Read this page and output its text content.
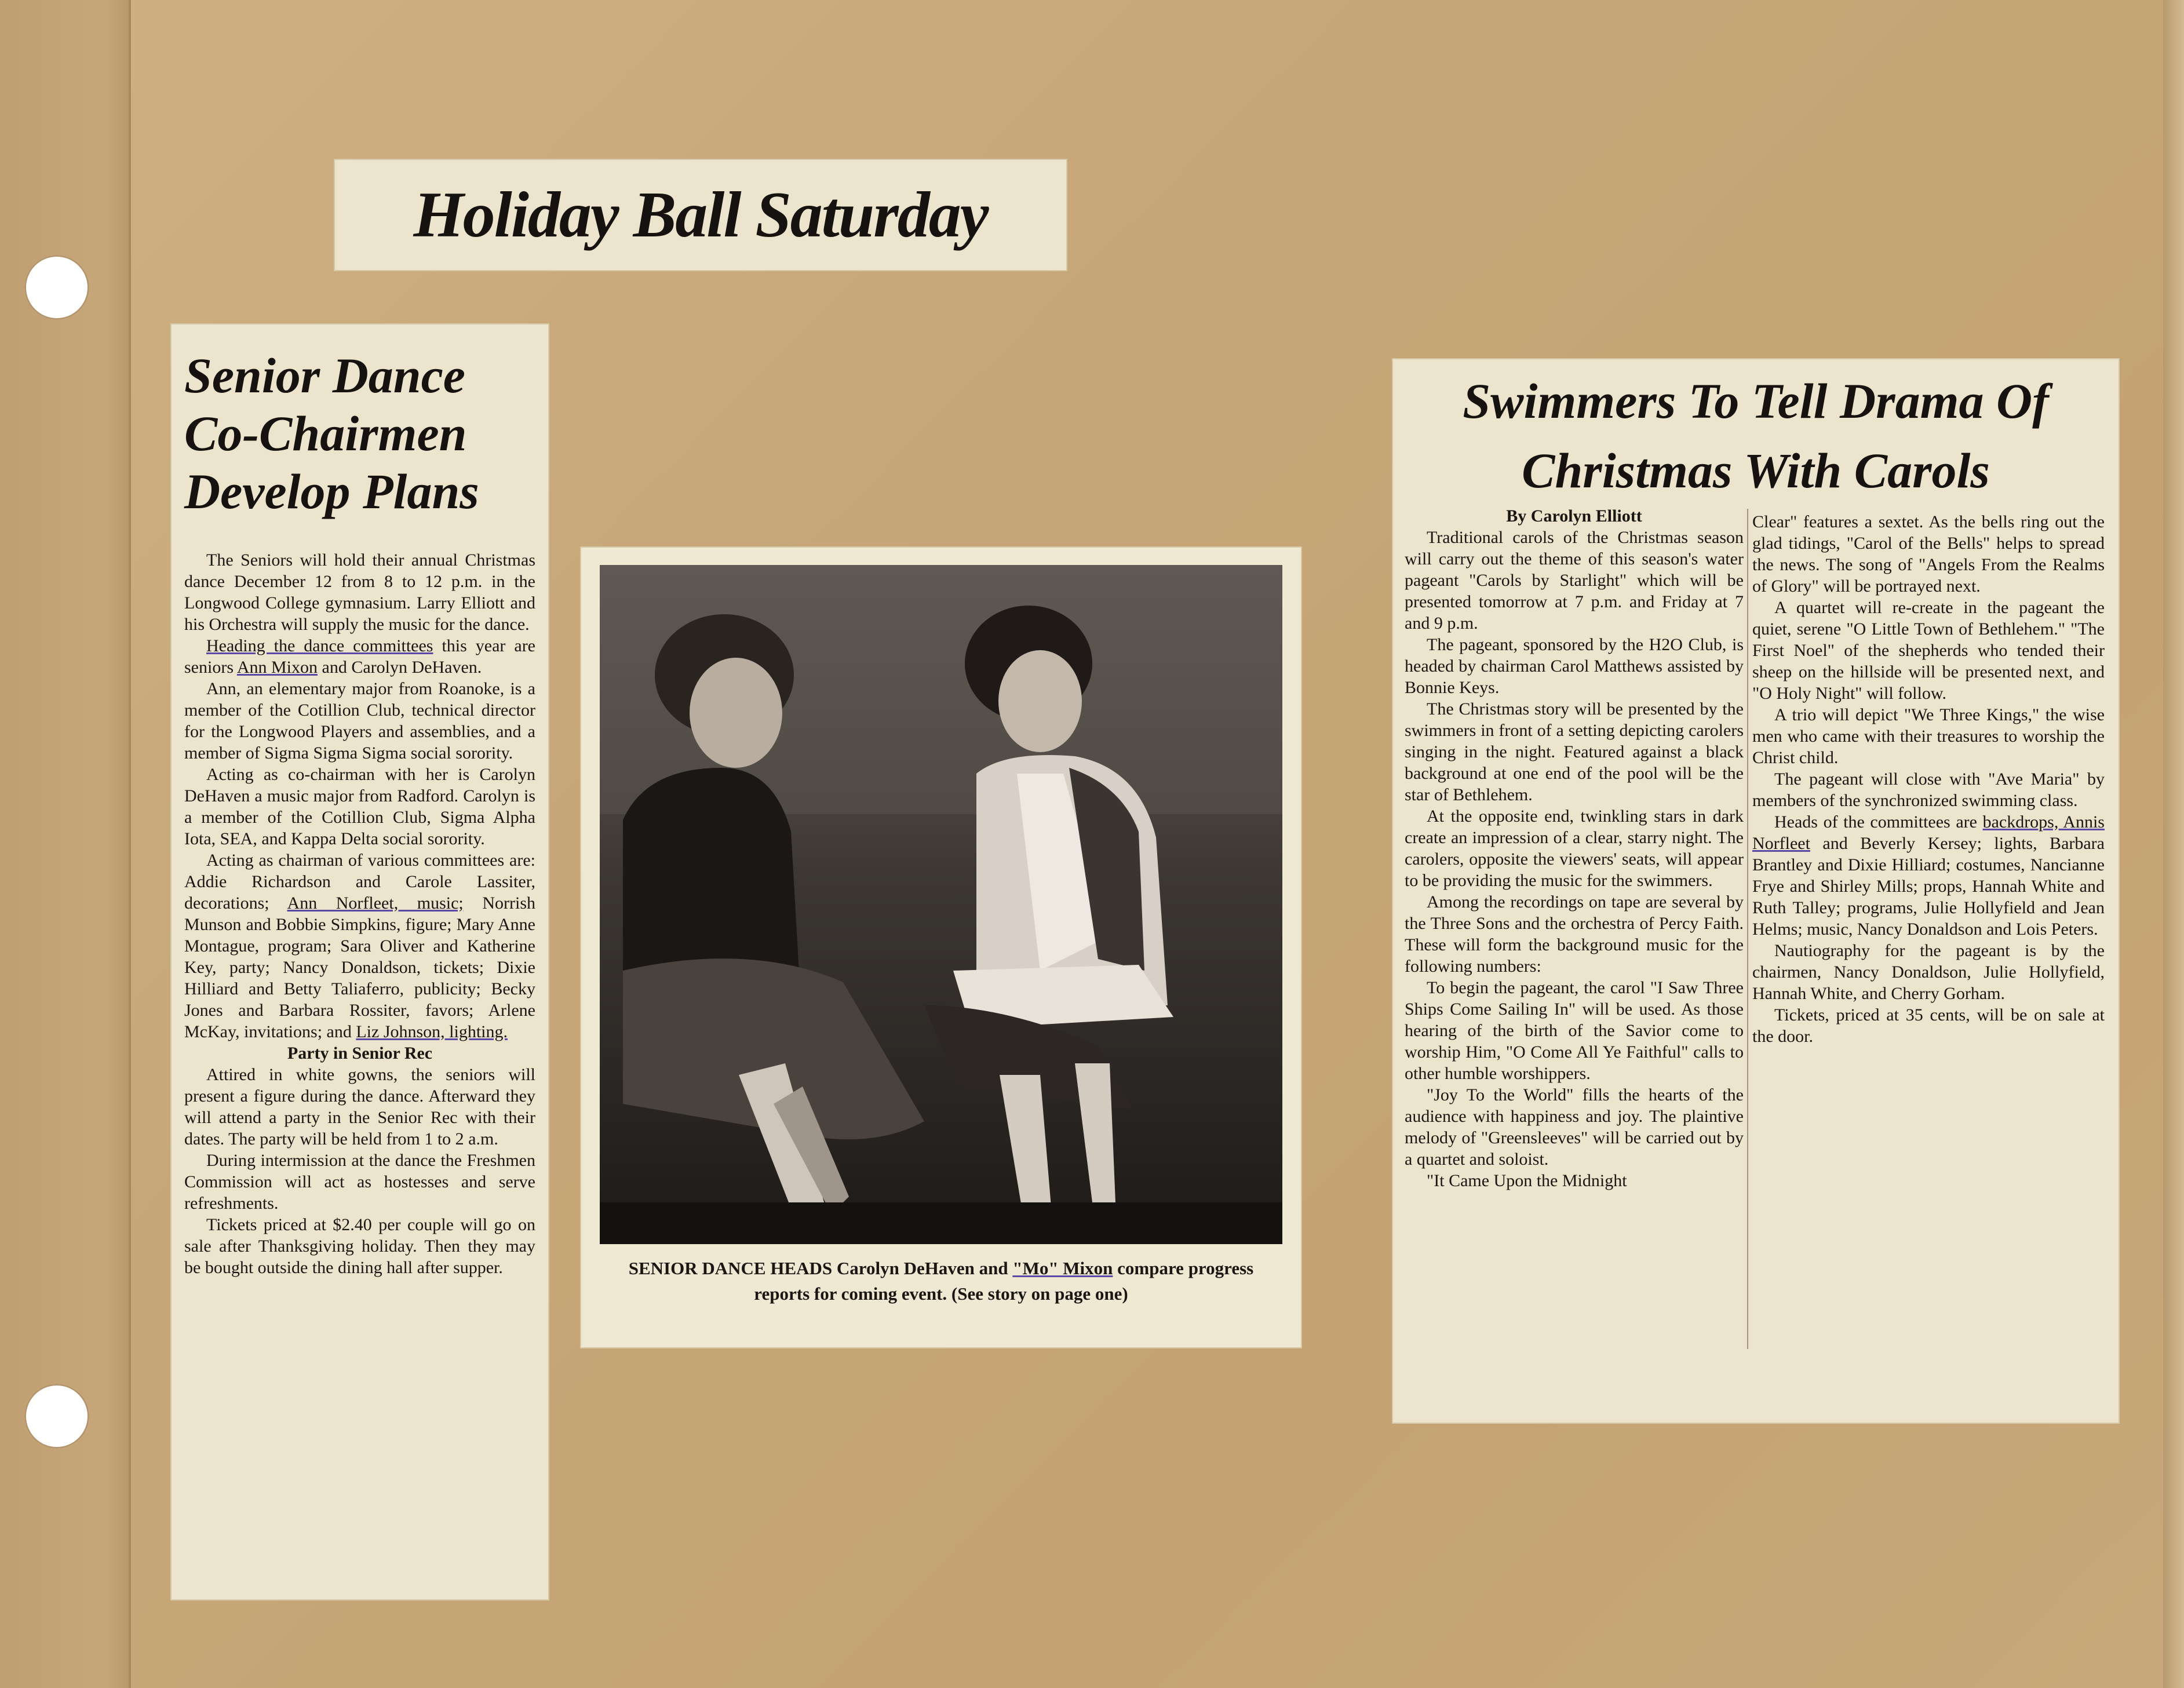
Holiday Ball Saturday
Senior Dance Co-Chairmen Develop Plans

The Seniors will hold their annual Christmas dance December 12 from 8 to 12 p.m. in the Longwood College gymnasium. Larry Elliott and his Orchestra will supply the music for the dance.

Heading the dance committees this year are seniors Ann Mixon and Carolyn DeHaven.

Ann, an elementary major from Roanoke, is a member of the Cotillion Club, technical director for the Longwood Players and assemblies, and a member of Sigma Sigma Sigma social sorority.

Acting as co-chairman with her is Carolyn DeHaven a music major from Radford. Carolyn is a member of the Cotillion Club, Sigma Alpha Iota, SEA, and Kappa Delta social sorority.

Acting as chairman of various committees are: Addie Richardson and Carole Lassiter, decorations; Ann Norfleet, music; Norrish Munson and Bobbie Simpkins, figure; Mary Anne Montague, program; Sara Oliver and Katherine Key, party; Nancy Donaldson, tickets; Dixie Hilliard and Betty Taliaferro, publicity; Becky Jones and Barbara Rossiter, favors; Arlene McKay, invitations; and Liz Johnson, lighting.

Party in Senior Rec

Attired in white gowns, the seniors will present a figure during the dance. Afterward they will attend a party in the Senior Rec with their dates. The party will be held from 1 to 2 a.m.

During intermission at the dance the Freshmen Commission will act as hostesses and serve refreshments.

Tickets priced at $2.40 per couple will go on sale after Thanksgiving holiday. Then they may be bought outside the dining hall after supper.	SENIOR DANCE HEADS Carolyn DeHaven and "Mo" Mixon compare progress reports for coming event. (See story on page one)
Swimmers To Tell Drama Of Christmas With Carols

By Carolyn Elliott

Traditional carols of the Christmas season will carry out the theme of this season's water pageant "Carols by Starlight" which will be presented tomorrow at 7 p.m. and Friday at 7 and 9 p.m.

The pageant, sponsored by the H2O Club, is headed by chairman Carol Matthews assisted by Bonnie Keys.

The Christmas story will be presented by the swimmers in front of a setting depicting carolers singing in the night. Featured against a black background at one end of the pool will be the star of Bethlehem.

At the opposite end, twinkling stars in dark create an impression of a clear, starry night. The carolers, opposite the viewers' seats, will appear to be providing the music for the swimmers.

Among the recordings on tape are several by the Three Sons and the orchestra of Percy Faith. These will form the background music for the following numbers:

To begin the pageant, the carol "I Saw Three Ships Come Sailing In" will be used. As those hearing of the birth of the Savior come to worship Him, "O Come All Ye Faithful" calls to other humble worshippers.

"Joy To the World" fills the hearts of the audience with happiness and joy. The plaintive melody of "Greensleeves" will be carried out by a quartet and soloist.

"It Came Upon the Midnight

Clear" features a sextet. As the bells ring out the glad tidings, "Carol of the Bells" helps to spread the news. The song of "Angels From the Realms of Glory" will be portrayed next.

A quartet will re-create in the pageant the quiet, serene "O Little Town of Bethlehem." "The First Noel" of the shepherds who tended their sheep on the hillside will be presented next, and "O Holy Night" will follow.

A trio will depict "We Three Kings," the wise men who came with their treasures to worship the Christ child.

The pageant will close with "Ave Maria" by members of the synchronized swimming class.

Heads of the committees are backdrops, Annis Norfleet and Beverly Kersey; lights, Barbara Brantley and Dixie Hilliard; costumes, Nancianne Frye and Shirley Mills; props, Hannah White and Ruth Talley; programs, Julie Hollyfield and Jean Helms; music, Nancy Donaldson and Lois Peters.

Nautiography for the pageant is by the chairmen, Nancy Donaldson, Julie Hollyfield, Hannah White, and Cherry Gorham.

Tickets, priced at 35 cents, will be on sale at the door.
